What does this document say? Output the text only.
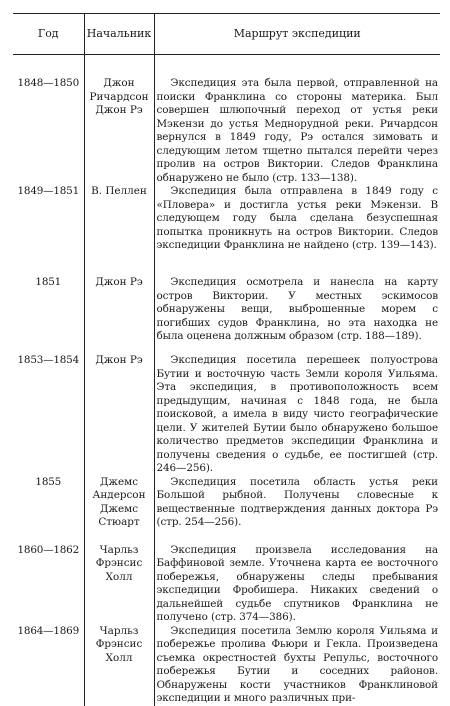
Год	Начальник	Маршрут экспедиции
1848—1850	Джон Ричардсон Джон Рэ	Экспедиция эта была первой, отправленной на поиски Франклина со стороны материка. Был совершен шлюпочный переход от устья реки Мэкензи до устья Медноpудной реки. Ричардсон вернулся в 1849 году, Рэ остался зимовать и следующим летом тщетно пытался перейти через пролив на остров Виктории. Следов Франклина обнаружено не было (стр. 133—138).
1849—1851	В. Пеллен	Экспедиция была отправлена в 1849 году с «Пловера» и достигла устья реки Мэкензи. В следующем году была сделана безуспешная попытка проникнуть на остров Виктории. Следов экспедиции Франклина не найдено (стр. 139—143).
1851	Джон Рэ	Экспедиция осмотрела и нанесла на карту остров Виктории. У местных эскимосов обнаружены вещи, выброшенные морем с погибших судов Франклина, но эта находка не была оценена должным образом (стр. 188—189).
1853—1854	Джон Рэ	Экспедиция посетила перешеек полуострова Бутии и восточную часть Земли короля Уильяма. Эта экспедиция, в противоположность всем предыдущим, начиная с 1848 года, не была поисковой, а имела в виду чисто географические цели. У жителей Бутии было обнаружено большое количество предметов экспедиции Франклина и получены сведения о судьбе, ее постигшей (стр. 246—256).
1855	Джемс Андерсон Джемс Стюарт	Экспедиция посетила область устья реки Большой рыбной. Получены словесные к вещественные подтверждения данных доктора Рэ (стр. 254—256).
1860—1862	Чарльз Фрэнсис Холл	Экспедиция произвела исследования на Баффиновой земле. Уточнена карта ее восточного побережья, обнаружены следы пребывания экспедиции Фробишера. Никаких сведений о дальнейшей судьбе спутников Франклина не получено (стр. 374—386).
1864—1869	Чарльз Фрэнсис Холл	Экспедиция посетила Землю короля Уильяма и побережье пролива Фьюри и Гекла. Произведена съемка окрестностей бухты Репульс, восточного побережья Бутии и соседних районов. Обнаружены кости участников Франклиновой экспедиции и много различных при-
